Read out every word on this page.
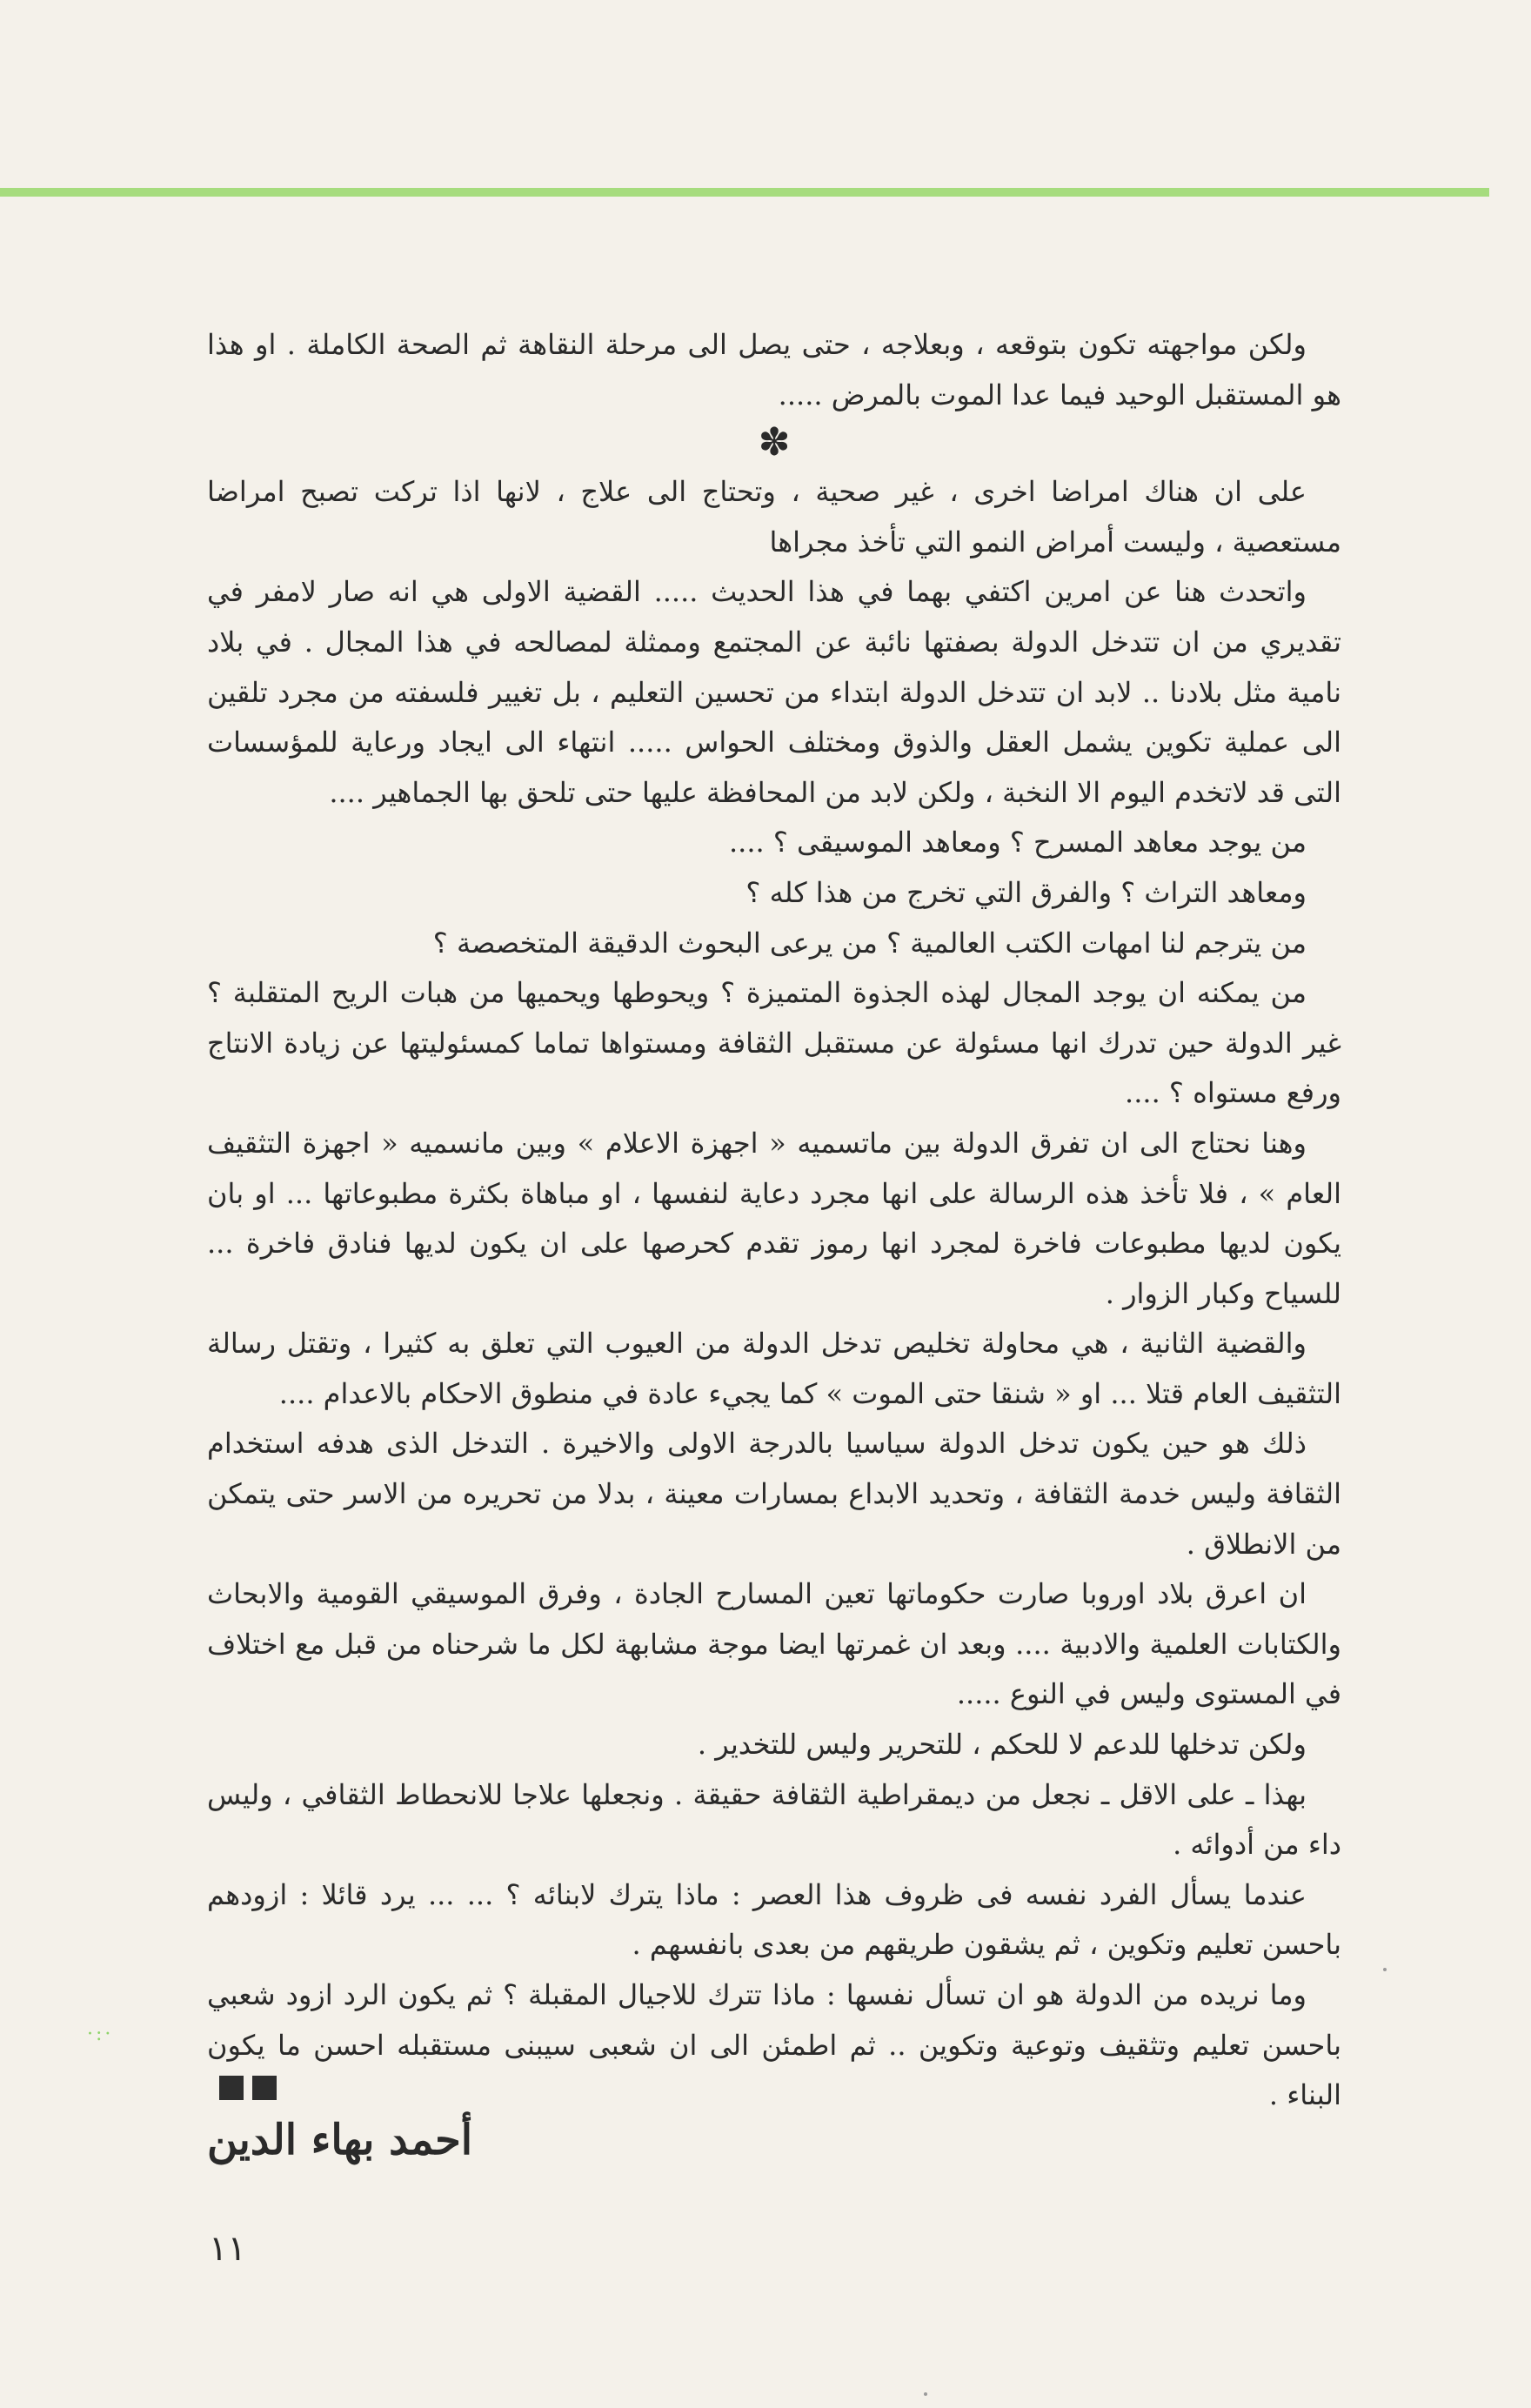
·:·

ولكن مواجهته تكون بتوقعه ، وبعلاجه ، حتى يصل الى مرحلة النقاهة ثم الصحة الكاملة . او هذا هو المستقبل الوحيد فيما عدا الموت بالمرض .....

✽

على ان هناك امراضا اخرى ، غير صحية ، وتحتاج الى علاج ، لانها اذا تركت تصبح امراضا مستعصية ، وليست أمراض النمو التي تأخذ مجراها

واتحدث هنا عن امرين اكتفي بهما في هذا الحديث ..... القضية الاولى هي انه صار لامفر في تقديري من ان تتدخل الدولة بصفتها نائبة عن المجتمع وممثلة لمصالحه في هذا المجال . في بلاد نامية مثل بلادنا .. لابد ان تتدخل الدولة ابتداء من تحسين التعليم ، بل تغيير فلسفته من مجرد تلقين الى عملية تكوين يشمل العقل والذوق ومختلف الحواس ..... انتهاء الى ايجاد ورعاية للمؤسسات التى قد لاتخدم اليوم الا النخبة ، ولكن لابد من المحافظة عليها حتى تلحق بها الجماهير ....

من يوجد معاهد المسرح ؟ ومعاهد الموسيقى ؟ ....

ومعاهد التراث ؟ والفرق التي تخرج من هذا كله ؟

من يترجم لنا امهات الكتب العالمية ؟ من يرعى البحوث الدقيقة المتخصصة ؟

من يمكنه ان يوجد المجال لهذه الجذوة المتميزة ؟ ويحوطها ويحميها من هبات الريح المتقلبة ؟ غير الدولة حين تدرك انها مسئولة عن مستقبل الثقافة ومستواها تماما كمسئوليتها عن زيادة الانتاج ورفع مستواه ؟ ....

وهنا نحتاج الى ان تفرق الدولة بين ماتسميه « اجهزة الاعلام » وبين مانسميه « اجهزة التثقيف العام » ، فلا تأخذ هذه الرسالة على انها مجرد دعاية لنفسها ، او مباهاة بكثرة مطبوعاتها ... او بان يكون لديها مطبوعات فاخرة لمجرد انها رموز تقدم كحرصها على ان يكون لديها فنادق فاخرة ... للسياح وكبار الزوار .

والقضية الثانية ، هي محاولة تخليص تدخل الدولة من العيوب التي تعلق به كثيرا ، وتقتل رسالة التثقيف العام قتلا ... او « شنقا حتى الموت » كما يجيء عادة في منطوق الاحكام بالاعدام ....

ذلك هو حين يكون تدخل الدولة سياسيا بالدرجة الاولى والاخيرة . التدخل الذى هدفه استخدام الثقافة وليس خدمة الثقافة ، وتحديد الابداع بمسارات معينة ، بدلا من تحريره من الاسر حتى يتمكن من الانطلاق .

ان اعرق بلاد اوروبا صارت حكوماتها تعين المسارح الجادة ، وفرق الموسيقي القومية والابحاث والكتابات العلمية والادبية .... وبعد ان غمرتها ايضا موجة مشابهة لكل ما شرحناه من قبل مع اختلاف في المستوى وليس في النوع .....

ولكن تدخلها للدعم لا للحكم ، للتحرير وليس للتخدير .

بهذا ـ على الاقل ـ نجعل من ديمقراطية الثقافة حقيقة . ونجعلها علاجا للانحطاط الثقافي ، وليس داء من أدوائه .

عندما يسأل الفرد نفسه فى ظروف هذا العصر : ماذا يترك لابنائه ؟ ... ... يرد قائلا : ازودهم باحسن تعليم وتكوين ، ثم يشقون طريقهم من بعدى بانفسهم .

وما نريده من الدولة هو ان تسأل نفسها : ماذا تترك للاجيال المقبلة ؟ ثم يكون الرد ازود شعبي باحسن تعليم وتثقيف وتوعية وتكوين .. ثم اطمئن الى ان شعبى سيبنى مستقبله احسن ما يكون البناء .

أحمد بهاء الدين
١١
